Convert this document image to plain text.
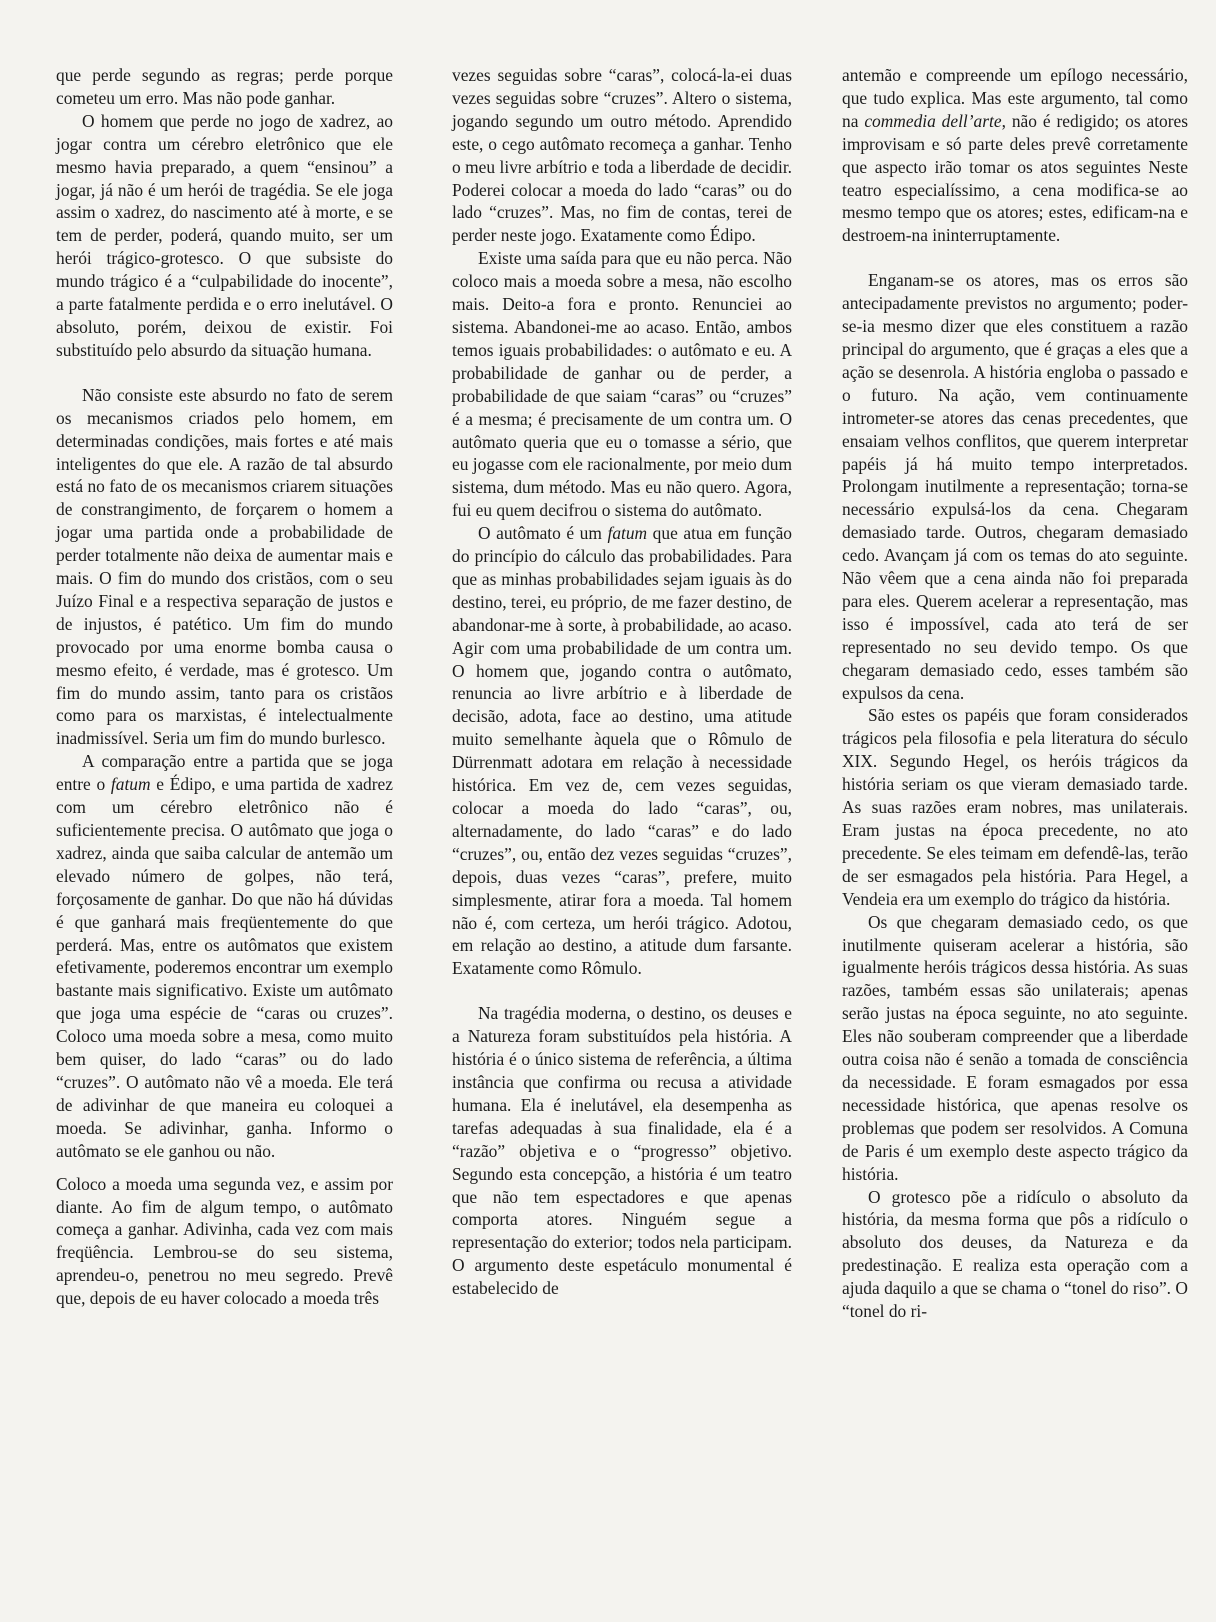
que perde segundo as regras; perde porque cometeu um erro. Mas não pode ganhar.

O homem que perde no jogo de xadrez, ao jogar contra um cérebro eletrônico que ele mesmo havia preparado, a quem “ensinou” a jogar, já não é um herói de tragédia. Se ele joga assim o xadrez, do nascimento até à morte, e se tem de perder, poderá, quando muito, ser um herói trágico-grotesco. O que subsiste do mundo trágico é a “culpabilidade do inocente”, a parte fatalmente perdida e o erro inelutável. O absoluto, porém, deixou de existir. Foi substituído pelo absurdo da situação humana.

Não consiste este absurdo no fato de serem os mecanismos criados pelo homem, em determinadas condições, mais fortes e até mais inteligentes do que ele. A razão de tal absurdo está no fato de os mecanismos criarem situações de constrangimento, de forçarem o homem a jogar uma partida onde a probabilidade de perder totalmente não deixa de aumentar mais e mais. O fim do mundo dos cristãos, com o seu Juízo Final e a respectiva separação de justos e de injustos, é patético. Um fim do mundo provocado por uma enorme bomba causa o mesmo efeito, é verdade, mas é grotesco. Um fim do mundo assim, tanto para os cristãos como para os marxistas, é intelectualmente inadmissível. Seria um fim do mundo burlesco.

A comparação entre a partida que se joga entre o fatum e Édipo, e uma partida de xadrez com um cérebro eletrônico não é suficientemente precisa. O autômato que joga o xadrez, ainda que saiba calcular de antemão um elevado número de golpes, não terá, forçosamente de ganhar. Do que não há dúvidas é que ganhará mais freqüentemente do que perderá. Mas, entre os autômatos que existem efetivamente, poderemos encontrar um exemplo bastante mais significativo. Existe um autômato que joga uma espécie de “caras ou cruzes”. Coloco uma moeda sobre a mesa, como muito bem quiser, do lado “caras” ou do lado “cruzes”. O autômato não vê a moeda. Ele terá de adivinhar de que maneira eu coloquei a moeda. Se adivinhar, ganha. Informo o autômato se ele ganhou ou não.

Coloco a moeda uma segunda vez, e assim por diante. Ao fim de algum tempo, o autômato começa a ganhar. Adivinha, cada vez com mais freqüência. Lembrou-se do seu sistema, aprendeu-o, penetrou no meu segredo. Prevê que, depois de eu haver colocado a moeda três

vezes seguidas sobre “caras”, colocá-la-ei duas vezes seguidas sobre “cruzes”. Altero o sistema, jogando segundo um outro método. Aprendido este, o cego autômato recomeça a ganhar. Tenho o meu livre arbítrio e toda a liberdade de decidir. Poderei colocar a moeda do lado “caras” ou do lado “cruzes”. Mas, no fim de contas, terei de perder neste jogo. Exatamente como Édipo.

Existe uma saída para que eu não perca. Não coloco mais a moeda sobre a mesa, não escolho mais. Deito-a fora e pronto. Renunciei ao sistema. Abandonei-me ao acaso. Então, ambos temos iguais probabilidades: o autômato e eu. A probabilidade de ganhar ou de perder, a probabilidade de que saiam “caras” ou “cruzes” é a mesma; é precisamente de um contra um. O autômato queria que eu o tomasse a sério, que eu jogasse com ele racionalmente, por meio dum sistema, dum método. Mas eu não quero. Agora, fui eu quem decifrou o sistema do autômato.

O autômato é um fatum que atua em função do princípio do cálculo das probabilidades. Para que as minhas probabilidades sejam iguais às do destino, terei, eu próprio, de me fazer destino, de abandonar-me à sorte, à probabilidade, ao acaso. Agir com uma probabilidade de um contra um. O homem que, jogando contra o autômato, renuncia ao livre arbítrio e à liberdade de decisão, adota, face ao destino, uma atitude muito semelhante àquela que o Rômulo de Dürrenmatt adotara em relação à necessidade histórica. Em vez de, cem vezes seguidas, colocar a moeda do lado “caras”, ou, alternadamente, do lado “caras” e do lado “cruzes”, ou, então dez vezes seguidas “cruzes”, depois, duas vezes “caras”, prefere, muito simplesmente, atirar fora a moeda. Tal homem não é, com certeza, um herói trágico. Adotou, em relação ao destino, a atitude dum farsante. Exatamente como Rômulo.

Na tragédia moderna, o destino, os deuses e a Natureza foram substituídos pela história. A história é o único sistema de referência, a última instância que confirma ou recusa a atividade humana. Ela é inelutável, ela desempenha as tarefas adequadas à sua finalidade, ela é a “razão” objetiva e o “progresso” objetivo. Segundo esta concepção, a história é um teatro que não tem espectadores e que apenas comporta atores. Ninguém segue a representação do exterior; todos nela participam. O argumento deste espetáculo monumental é estabelecido de

antemão e compreende um epílogo necessário, que tudo explica. Mas este argumento, tal como na commedia dell’arte, não é redigido; os atores improvisam e só parte deles prevê corretamente que aspecto irão tomar os atos seguintes Neste teatro especialíssimo, a cena modifica-se ao mesmo tempo que os atores; estes, edificam-na e destroem-na ininterruptamente.

Enganam-se os atores, mas os erros são antecipadamente previstos no argumento; poder-se-ia mesmo dizer que eles constituem a razão principal do argumento, que é graças a eles que a ação se desenrola. A história engloba o passado e o futuro. Na ação, vem continuamente intrometer-se atores das cenas precedentes, que ensaiam velhos conflitos, que querem interpretar papéis já há muito tempo interpretados. Prolongam inutilmente a representação; torna-se necessário expulsá-los da cena. Chegaram demasiado tarde. Outros, chegaram demasiado cedo. Avançam já com os temas do ato seguinte. Não vêem que a cena ainda não foi preparada para eles. Querem acelerar a representação, mas isso é impossível, cada ato terá de ser representado no seu devido tempo. Os que chegaram demasiado cedo, esses também são expulsos da cena.

São estes os papéis que foram considerados trágicos pela filosofia e pela literatura do século XIX. Segundo Hegel, os heróis trágicos da história seriam os que vieram demasiado tarde. As suas razões eram nobres, mas unilaterais. Eram justas na época precedente, no ato precedente. Se eles teimam em defendê-las, terão de ser esmagados pela história. Para Hegel, a Vendeia era um exemplo do trágico da história.

Os que chegaram demasiado cedo, os que inutilmente quiseram acelerar a história, são igualmente heróis trágicos dessa história. As suas razões, também essas são unilaterais; apenas serão justas na época seguinte, no ato seguinte. Eles não souberam compreender que a liberdade outra coisa não é senão a tomada de consciência da necessidade. E foram esmagados por essa necessidade histórica, que apenas resolve os problemas que podem ser resolvidos. A Comuna de Paris é um exemplo deste aspecto trágico da história.

O grotesco põe a ridículo o absoluto da história, da mesma forma que pôs a ridículo o absoluto dos deuses, da Natureza e da predestinação. E realiza esta operação com a ajuda daquilo a que se chama o “tonel do riso”. O “tonel do ri-
